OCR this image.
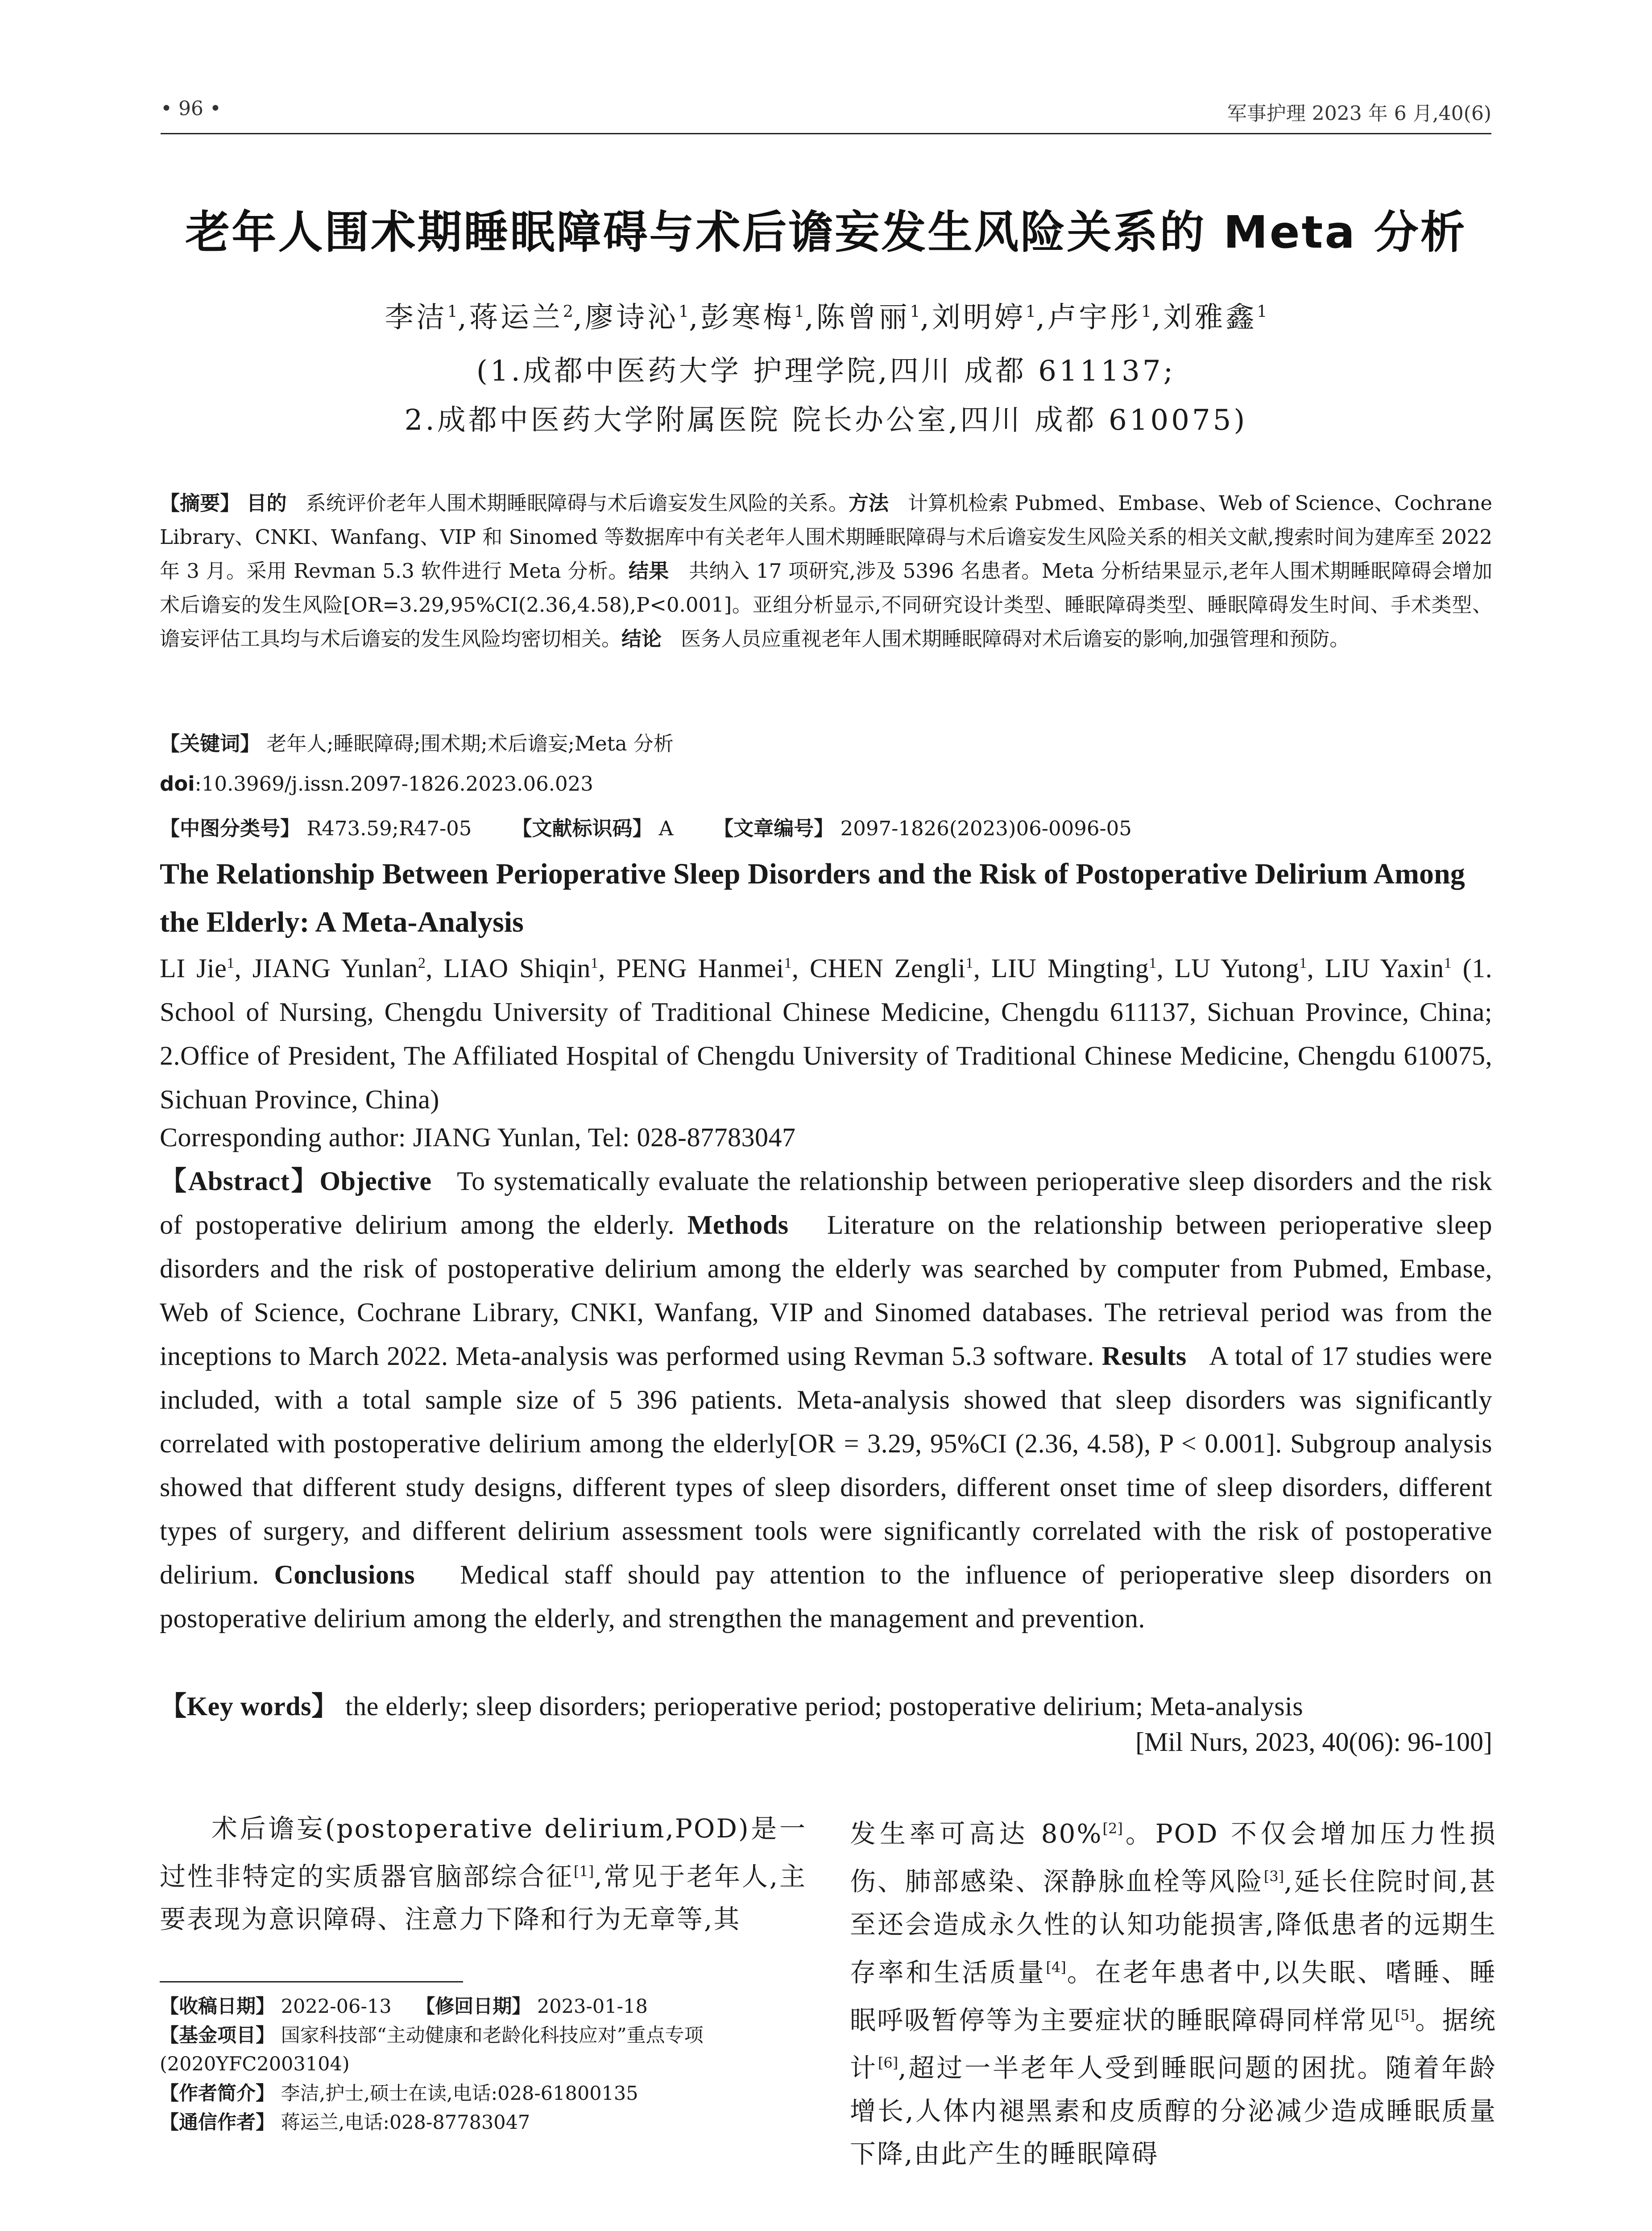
• 96 •	军事护理 2023 年 6 月,40(6)
老年人围术期睡眠障碍与术后谵妄发生风险关系的 Meta 分析
李洁$^1$,蒋运兰$^2$,廖诗沁$^1$,彭寒梅$^1$,陈曾丽$^1$,刘明婷$^1$,卢宇彤$^1$,刘雅鑫$^1$
(1.成都中医药大学 护理学院,四川 成都 611137;
2.成都中医药大学附属医院 院长办公室,四川 成都 610075)
【摘要】 目的 系统评价老年人围术期睡眠障碍与术后谵妄发生风险的关系。方法 计算机检索 Pubmed、Embase、Web of Science、Cochrane Library、CNKI、Wanfang、VIP 和 Sinomed 等数据库中有关老年人围术期睡眠障碍与术后谵妄发生风险关系的相关文献,搜索时间为建库至 2022 年 3 月。采用 Revman 5.3 软件进行 Meta 分析。结果 共纳入 17 项研究,涉及 5396 名患者。Meta 分析结果显示,老年人围术期睡眠障碍会增加术后谵妄的发生风险[OR=3.29,95%CI(2.36,4.58),P<0.001]。亚组分析显示,不同研究设计类型、睡眠障碍类型、睡眠障碍发生时间、手术类型、谵妄评估工具均与术后谵妄的发生风险均密切相关。结论 医务人员应重视老年人围术期睡眠障碍对术后谵妄的影响,加强管理和预防。
【关键词】 老年人;睡眠障碍;围术期;术后谵妄;Meta 分析
doi:10.3969/j.issn.2097-1826.2023.06.023
【中图分类号】 R473.59;R47-05 【文献标识码】 A 【文章编号】 2097-1826(2023)06-0096-05
The Relationship Between Perioperative Sleep Disorders and the Risk of Postoperative Delirium Among the Elderly: A Meta-Analysis
LI Jie$^1$, JIANG Yunlan$^2$, LIAO Shiqin$^1$, PENG Hanmei$^1$, CHEN Zengli$^1$, LIU Mingting$^1$, LU Yutong$^1$, LIU Yaxin$^1$ (1. School of Nursing, Chengdu University of Traditional Chinese Medicine, Chengdu 611137, Sichuan Province, China; 2.Office of President, The Affiliated Hospital of Chengdu University of Traditional Chinese Medicine, Chengdu 610075, Sichuan Province, China)
Corresponding author: JIANG Yunlan, Tel: 028-87783047
【Abstract】Objective To systematically evaluate the relationship between perioperative sleep disorders and the risk of postoperative delirium among the elderly. Methods Literature on the relationship between perioperative sleep disorders and the risk of postoperative delirium among the elderly was searched by computer from Pubmed, Embase, Web of Science, Cochrane Library, CNKI, Wanfang, VIP and Sinomed databases. The retrieval period was from the inceptions to March 2022. Meta-analysis was performed using Revman 5.3 software. Results A total of 17 studies were included, with a total sample size of 5 396 patients. Meta-analysis showed that sleep disorders was significantly correlated with postoperative delirium among the elderly[OR = 3.29, 95%CI (2.36, 4.58), P < 0.001]. Subgroup analysis showed that different study designs, different types of sleep disorders, different onset time of sleep disorders, different types of surgery, and different delirium assessment tools were significantly correlated with the risk of postoperative delirium. Conclusions Medical staff should pay attention to the influence of perioperative sleep disorders on postoperative delirium among the elderly, and strengthen the management and prevention.
【Key words】 the elderly; sleep disorders; perioperative period; postoperative delirium; Meta-analysis
[Mil Nurs, 2023, 40(06): 96-100]
术后谵妄(postoperative delirium,POD)是一过性非特定的实质器官脑部综合征[1],常见于老年人,主要表现为意识障碍、注意力下降和行为无章等,其
【收稿日期】 2022-06-13 【修回日期】 2023-01-18
【基金项目】 国家科技部“主动健康和老龄化科技应对”重点专项(2020YFC2003104)
【作者简介】 李洁,护士,硕士在读,电话:028-61800135
【通信作者】 蒋运兰,电话:028-87783047
发生率可高达 80%[2]。POD 不仅会增加压力性损伤、肺部感染、深静脉血栓等风险[3],延长住院时间,甚至还会造成永久性的认知功能损害,降低患者的远期生存率和生活质量[4]。在老年患者中,以失眠、嗜睡、睡眠呼吸暂停等为主要症状的睡眠障碍同样常见[5]。据统计[6],超过一半老年人受到睡眠问题的困扰。随着年龄增长,人体内褪黑素和皮质醇的分泌减少造成睡眠质量下降,由此产生的睡眠障碍
